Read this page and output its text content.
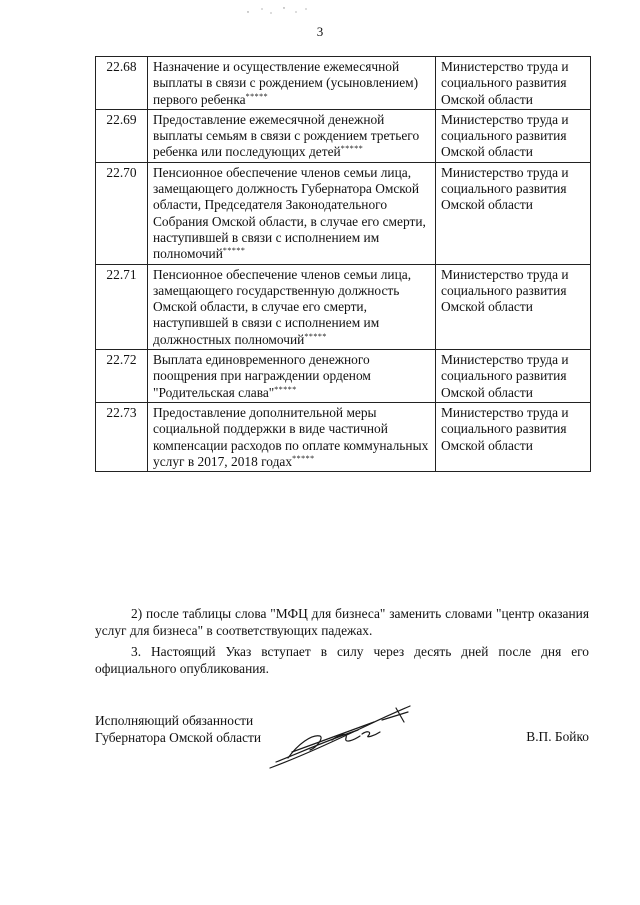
3
22.68	Назначение и осуществление ежемесячной выплаты в связи с рождением (усыновлением) первого ребенка*****	Министерство труда и социального развития Омской области
22.69	Предоставление ежемесячной денежной выплаты семьям в связи с рождением третьего ребенка или последующих детей*****	Министерство труда и социального развития Омской области
22.70	Пенсионное обеспечение членов семьи лица, замещающего должность Губернатора Омской области, Председателя Законодательного Собрания Омской области, в случае его смерти, наступившей в связи с исполнением им полномочий*****	Министерство труда и социального развития Омской области
22.71	Пенсионное обеспечение членов семьи лица, замещающего государственную должность Омской области, в случае его смерти, наступившей в связи с исполнением им должностных полномочий*****	Министерство труда и социального развития Омской области
22.72	Выплата единовременного денежного поощрения при награждении орденом "Родительская слава"*****	Министерство труда и социального развития Омской области
22.73	Предоставление дополнительной меры социальной поддержки в виде частичной компенсации расходов по оплате коммунальных услуг в 2017, 2018 годах*****	Министерство труда и социального развития Омской области

2) после таблицы слова "МФЦ для бизнеса" заменить словами "центр оказания услуг для бизнеса" в соответствующих падежах.

3. Настоящий Указ вступает в силу через десять дней после дня его официального опубликования.

Исполняющий обязанности
Губернатора Омской области	В.П. Бойко
